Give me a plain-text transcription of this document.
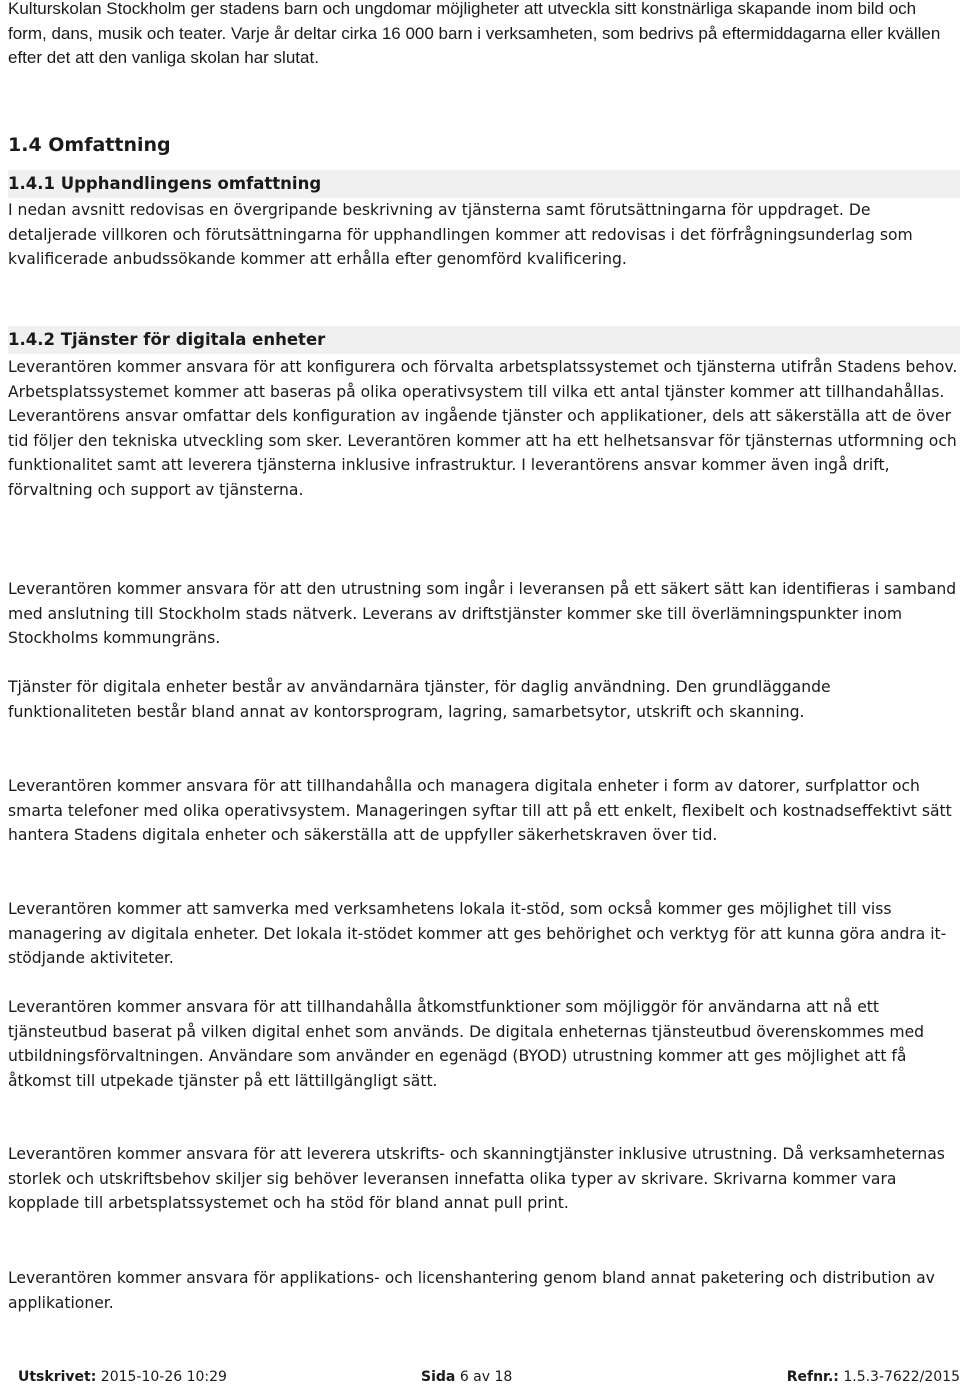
Kulturskolan Stockholm ger stadens barn och ungdomar möjligheter att utveckla sitt konstnärliga skapande inom bild och form, dans, musik och teater. Varje år deltar cirka 16 000 barn i verksamheten, som bedrivs på eftermiddagarna eller kvällen efter det att den vanliga skolan har slutat.

1.4 Omfattning
1.4.1 Upphandlingens omfattning

I nedan avsnitt redovisas en övergripande beskrivning av tjänsterna samt förutsättningarna för uppdraget. De detaljerade villkoren och förutsättningarna för upphandlingen kommer att redovisas i det förfrågningsunderlag som kvalificerade anbudssökande kommer att erhålla efter genomförd kvalificering.

1.4.2 Tjänster för digitala enheter

Leverantören kommer ansvara för att konfigurera och förvalta arbetsplatssystemet och tjänsterna utifrån Stadens behov. Arbetsplatssystemet kommer att baseras på olika operativsystem till vilka ett antal tjänster kommer att tillhandahållas. Leverantörens ansvar omfattar dels konfiguration av ingående tjänster och applikationer, dels att säkerställa att de över tid följer den tekniska utveckling som sker. Leverantören kommer att ha ett helhetsansvar för tjänsternas utformning och funktionalitet samt att leverera tjänsterna inklusive infrastruktur. I leverantörens ansvar kommer även ingå drift, förvaltning och support av tjänsterna.

Leverantören kommer ansvara för att den utrustning som ingår i leveransen på ett säkert sätt kan identifieras i samband med anslutning till Stockholm stads nätverk. Leverans av driftstjänster kommer ske till överlämningspunkter inom Stockholms kommungräns.

Tjänster för digitala enheter består av användarnära tjänster, för daglig användning. Den grundläggande funktionaliteten består bland annat av kontorsprogram, lagring, samarbetsytor, utskrift och skanning.

Leverantören kommer ansvara för att tillhandahålla och managera digitala enheter i form av datorer, surfplattor och smarta telefoner med olika operativsystem. Manageringen syftar till att på ett enkelt, flexibelt och kostnadseffektivt sätt hantera Stadens digitala enheter och säkerställa att de uppfyller säkerhetskraven över tid.

Leverantören kommer att samverka med verksamhetens lokala it-stöd, som också kommer ges möjlighet till viss managering av digitala enheter. Det lokala it-stödet kommer att ges behörighet och verktyg för att kunna göra andra it-stödjande aktiviteter.

Leverantören kommer ansvara för att tillhandahålla åtkomstfunktioner som möjliggör för användarna att nå ett tjänsteutbud baserat på vilken digital enhet som används. De digitala enheternas tjänsteutbud överenskommes med utbildningsförvaltningen. Användare som använder en egenägd (BYOD) utrustning kommer att ges möjlighet att få åtkomst till utpekade tjänster på ett lättillgängligt sätt.

Leverantören kommer ansvara för att leverera utskrifts- och skanningtjänster inklusive utrustning. Då verksamheternas storlek och utskriftsbehov skiljer sig behöver leveransen innefatta olika typer av skrivare. Skrivarna kommer vara kopplade till arbetsplatssystemet och ha stöd för bland annat pull print.

Leverantören kommer ansvara för applikations- och licenshantering genom bland annat paketering och distribution av applikationer.

Utskrivet: 2015-10-26 10:29	Sida 6 av 18	Refnr.: 1.5.3-7622/2015
